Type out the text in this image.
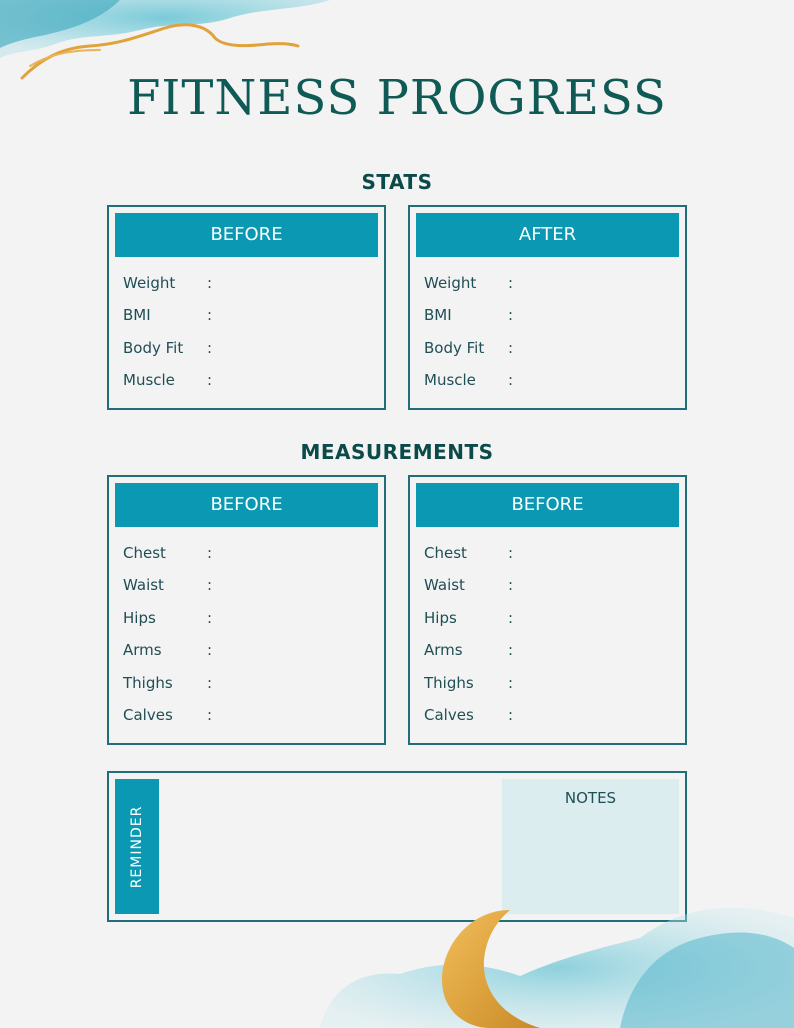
FITNESS PROGRESS
STATS
BEFORE
Weight :
BMI	:
Body Fit :
Muscle :
AFTER
Weight :
BMI	:
Body Fit :
Muscle :
MEASUREMENTS
BEFORE
Chest	:
Waist	:
Hips	:
Arms	:
Thighs :
Calves :
BEFORE
Chest	:
Waist	:
Hips	:
Arms	:
Thighs :
Calves :
REMINDER
NOTES
